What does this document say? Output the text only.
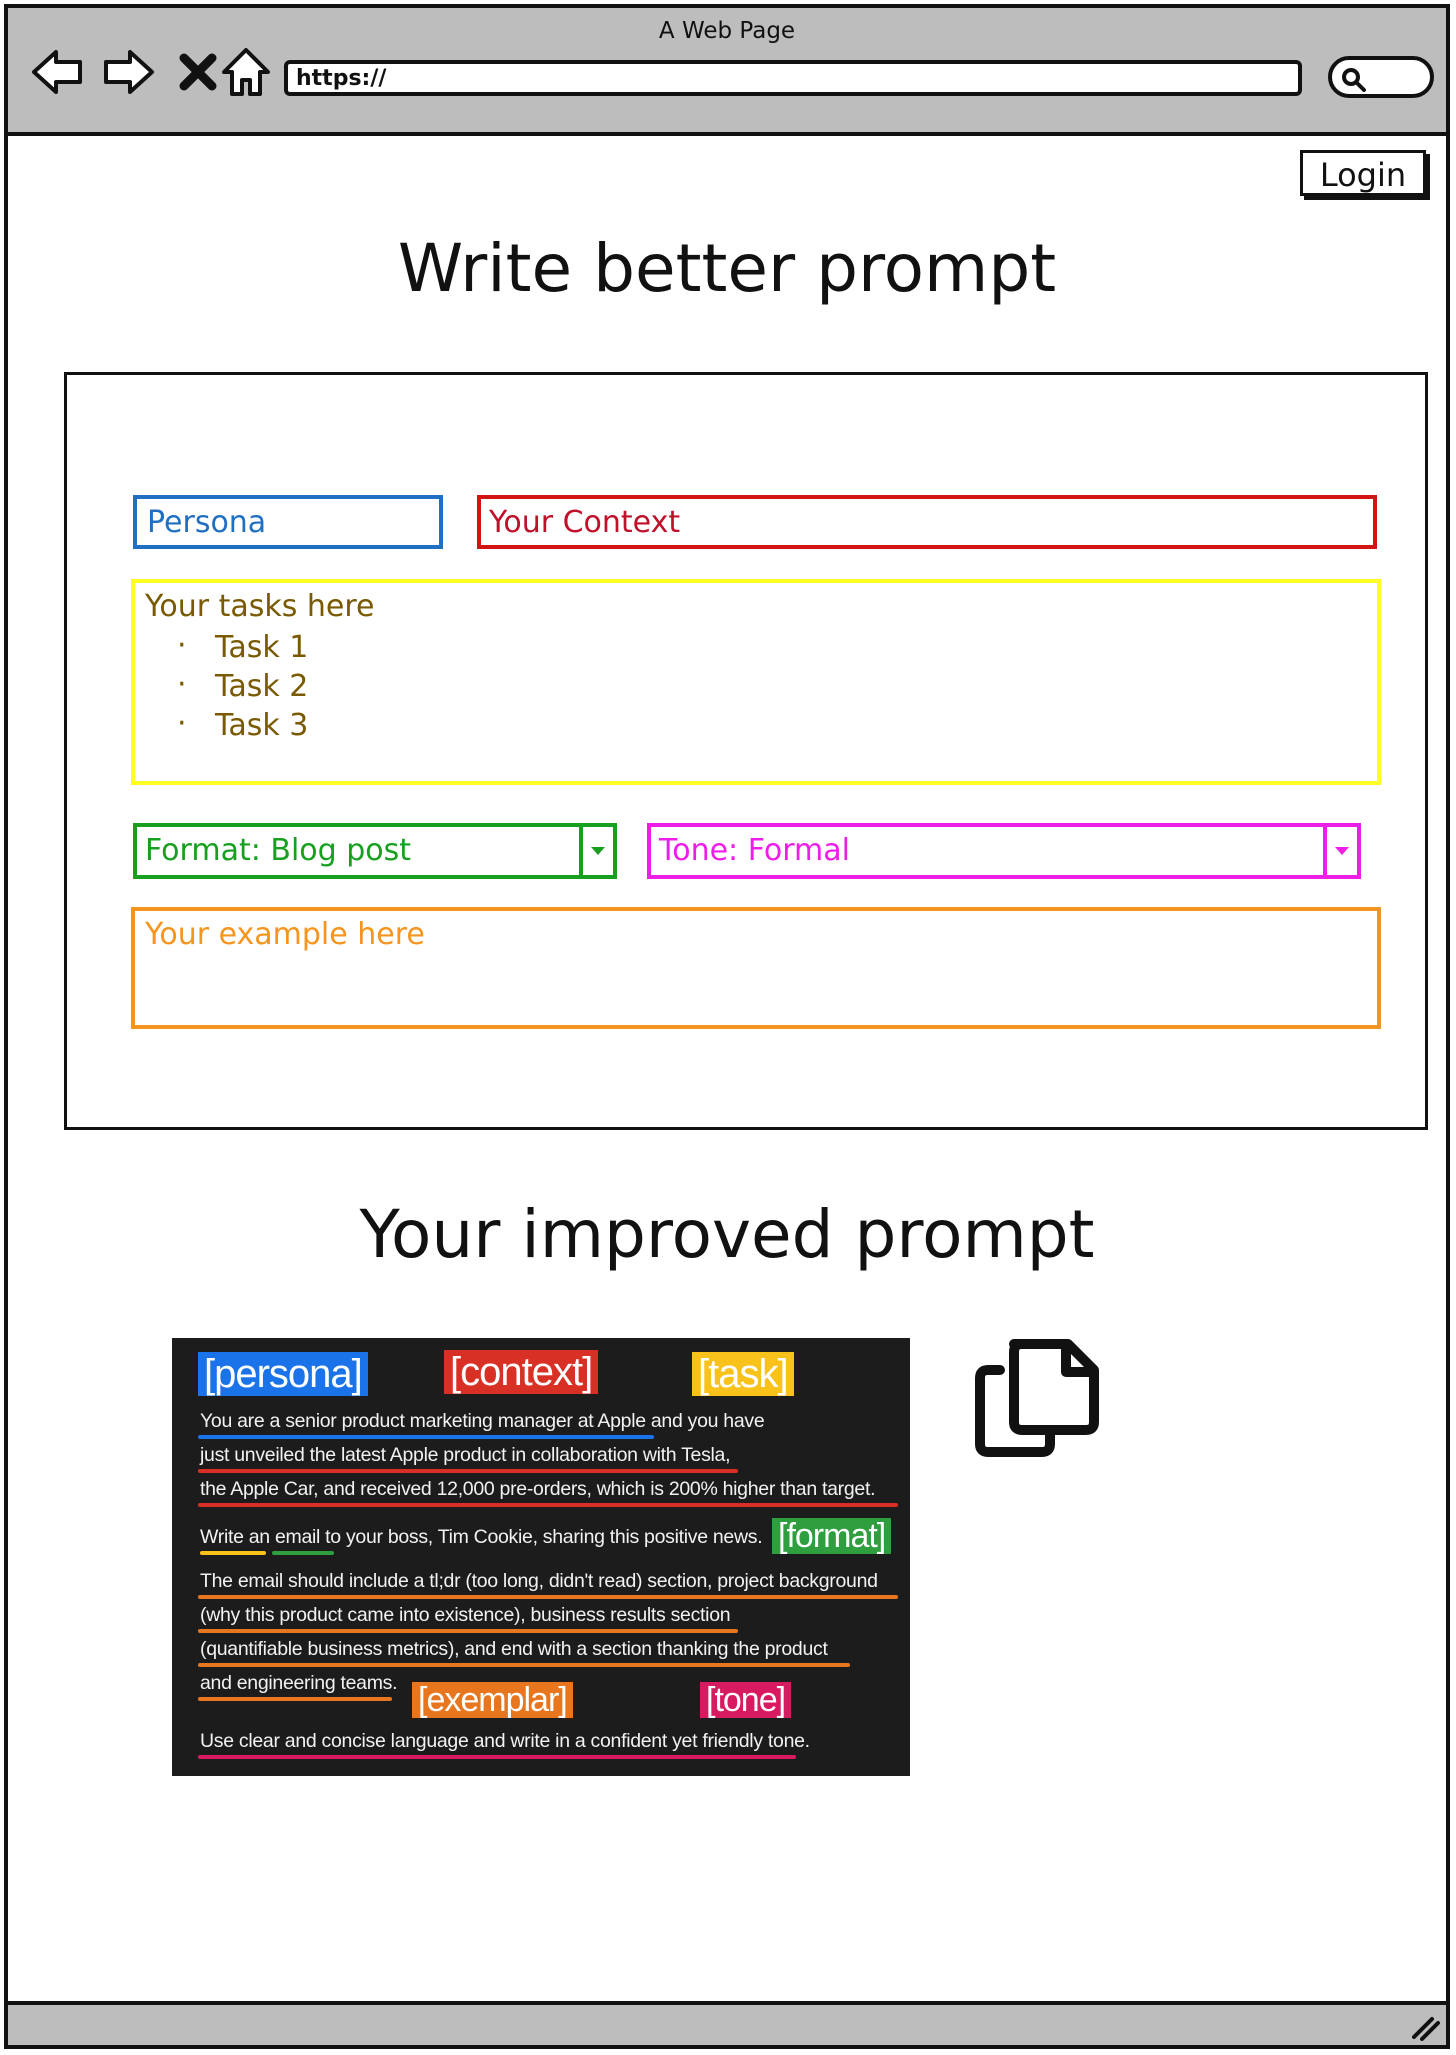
A Web Page
https://
Login
Write better prompt
Persona	Your Context
Your tasks here
· Task 1
· Task 2
· Task 3
Format: Blog post	Tone: Formal
Your example here
Your improved prompt
[persona] [context]	[task]
You are a senior product marketing manager at Apple and you have
just unveiled the latest Apple product in collaboration with Tesla,
the Apple Car, and received 12,000 pre-orders, which is 200% higher than target.
Write an email to your boss, Tim Cookie, sharing this positive news. [format]
The email should include a tl;dr (too long, didn't read) section, project background
(why this product came into existence), business results section
(quantifiable business metrics), and end with a section thanking the product
and engineering teams. [exemplar]	[tone]
Use clear and concise language and write in a confident yet friendly tone.
